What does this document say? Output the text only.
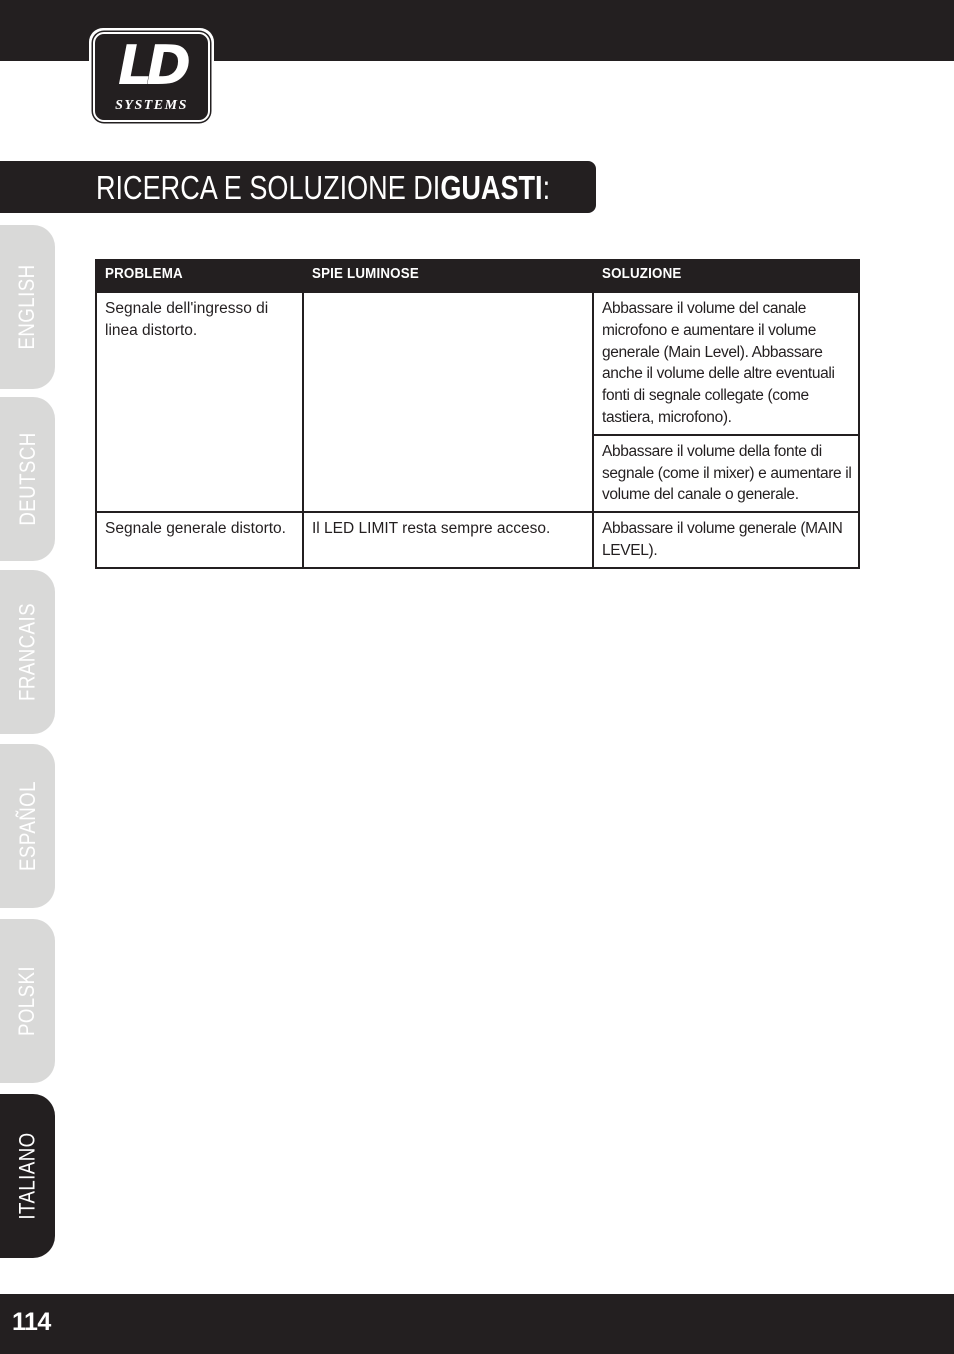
LD
SYSTEMS
RICERCA E SOLUZIONE DIGUASTI:
ENGLISH
DEUTSCH
FRANCAIS
ESPAÑOL
POLSKI
ITALIANO
PROBLEMA	SPIE LUMINOSE	SOLUZIONE
Segnale dell'ingresso di linea distorto.		Abbassare il volume del canale microfono e aumentare il volume generale (Main Level). Abbassare anche il volume delle altre eventuali fonti di segnale collegate (come tastiera, microfono).
		Abbassare il volume della fonte di segnale (come il mixer) e aumentare il volume del canale o generale.
Segnale generale distorto.	Il LED LIMIT resta sempre acceso.	Abbassare il volume generale (MAIN LEVEL).
114
